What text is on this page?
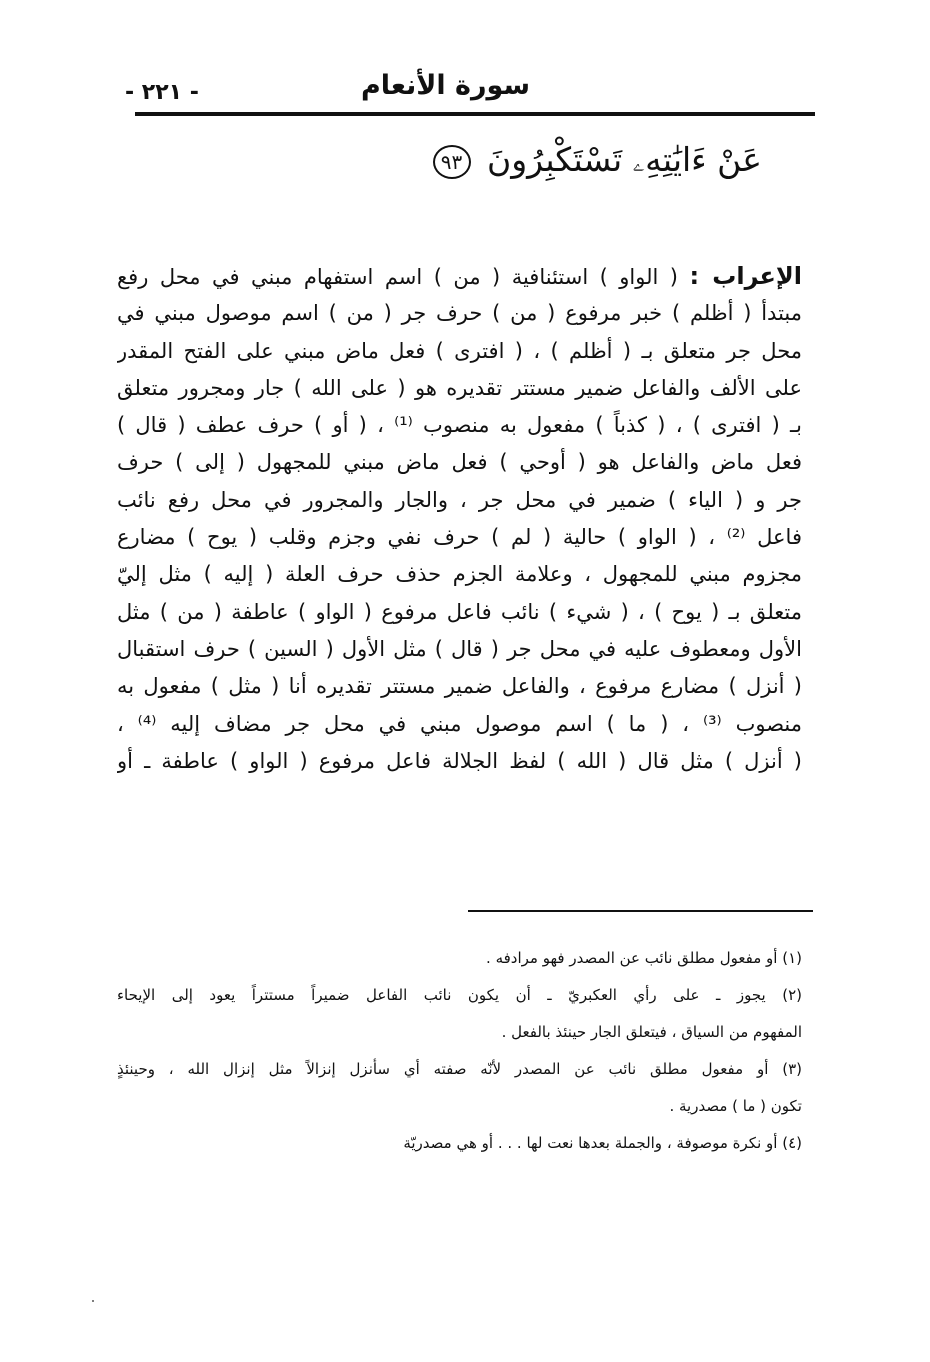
سورة الأنعام
- ٢٢١ -
عَنْ ءَايَٰتِهِۦ تَسْتَكْبِرُونَ ٩٣
الإعراب : ( الواو ) استئنافية ( من ) اسم استفهام مبني في محل رفع
مبتدأ ( أظلم ) خبر مرفوع ( من ) حرف جر ( من ) اسم موصول مبني في
محل جر متعلق بـ ( أظلم ) ، ( افترى ) فعل ماض مبني على الفتح المقدر
على الألف والفاعل ضمير مستتر تقديره هو ( على الله ) جار ومجرور متعلق
بـ ( افترى ) ، ( كذباً ) مفعول به منصوب ⁽¹⁾ ، ( أو ) حرف عطف ( قال )
فعل ماض والفاعل هو ( أوحي ) فعل ماض مبني للمجهول ( إلى ) حرف
جر و ( الياء ) ضمير في محل جر ، والجار والمجرور في محل رفع نائب
فاعل ⁽²⁾ ، ( الواو ) حالية ( لم ) حرف نفي وجزم وقلب ( يوح ) مضارع
مجزوم مبني للمجهول ، وعلامة الجزم حذف حرف العلة ( إليه ) مثل إليّ
متعلق بـ ( يوح ) ، ( شيء ) نائب فاعل مرفوع ( الواو ) عاطفة ( من ) مثل
الأول ومعطوف عليه في محل جر ( قال ) مثل الأول ( السين ) حرف استقبال
( أنزل ) مضارع مرفوع ، والفاعل ضمير مستتر تقديره أنا ( مثل ) مفعول به
منصوب ⁽³⁾ ، ( ما ) اسم موصول مبني في محل جر مضاف إليه ⁽⁴⁾ ،
( أنزل ) مثل قال ( الله ) لفظ الجلالة فاعل مرفوع ( الواو ) عاطفة ـ أو
(١) أو مفعول مطلق نائب عن المصدر فهو مرادفه .
(٢) يجوز ـ على رأي العكبريّ ـ أن يكون نائب الفاعل ضميراً مستتراً يعود إلى الإيحاء
المفهوم من السياق ، فيتعلق الجار حينئذ بالفعل .
(٣) أو مفعول مطلق نائب عن المصدر لأنّه صفته أي سأنزل إنزالاً مثل إنزال الله ، وحينئذٍ
تكون ( ما ) مصدرية .
(٤) أو نكرة موصوفة ، والجملة بعدها نعت لها . . . أو هي مصدريّة
